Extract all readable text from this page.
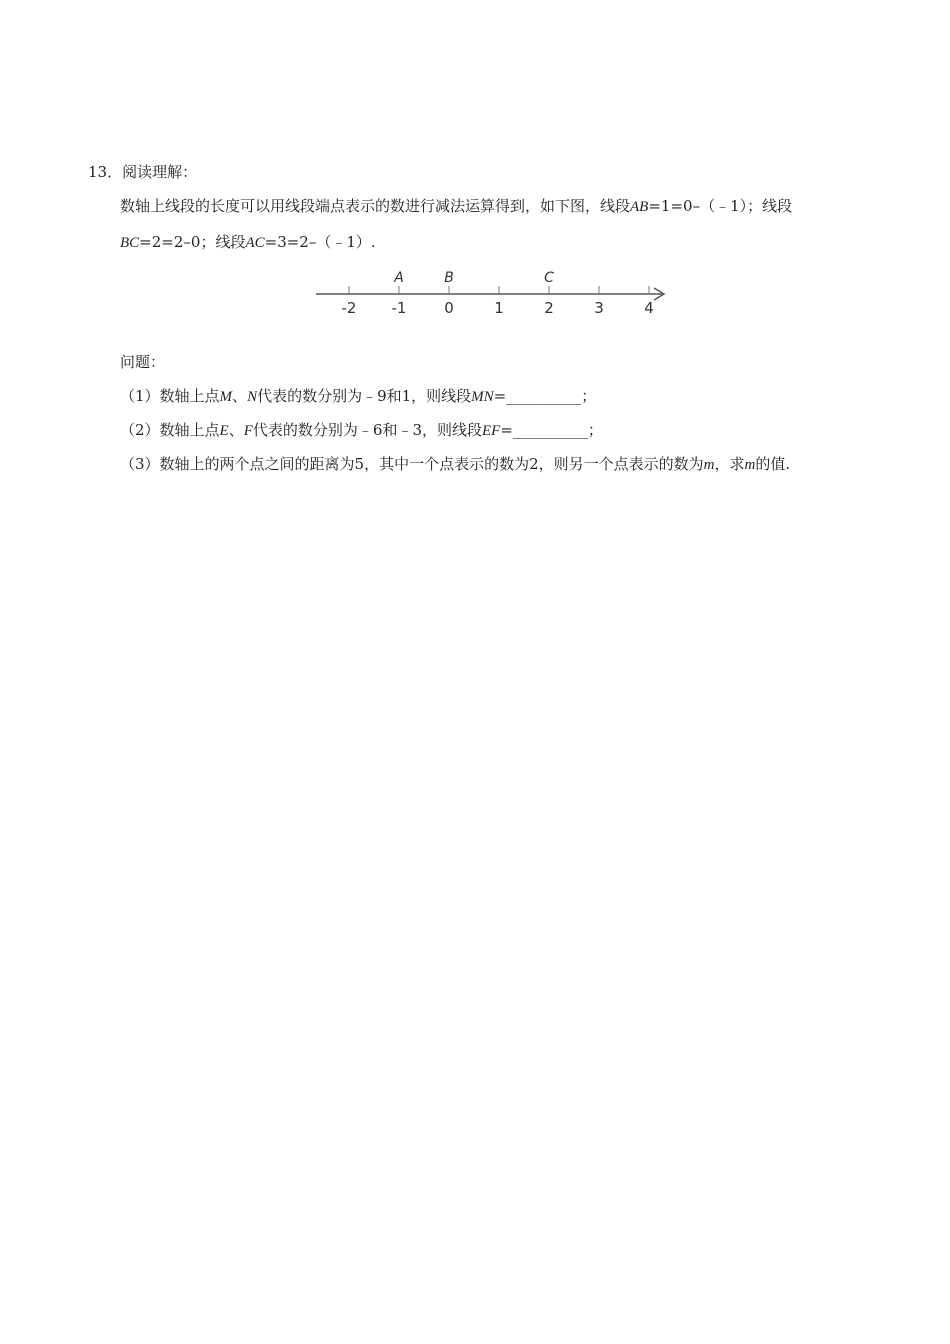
13．阅读理解：
数轴上线段的长度可以用线段端点表示的数进行减法运算得到，如下图，线段AB=1=0–（﹣1）；线段
BC=2=2–0；线段AC=3=2–（﹣1）.
-2 -1	0	1	2	3	4
A	B	C
问题：
（1）数轴上点M、N代表的数分别为﹣9和1，则线段MN=__________；
（2）数轴上点E、F代表的数分别为﹣6和﹣3，则线段EF=__________；
（3）数轴上的两个点之间的距离为5，其中一个点表示的数为2，则另一个点表示的数为m，求m的值.
